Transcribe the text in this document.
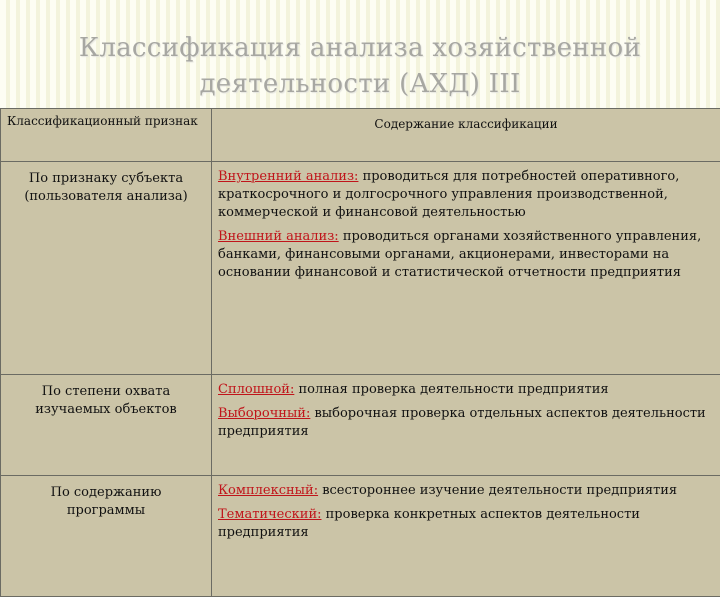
Классификация анализа хозяйственной
деятельности (АХД) III
Классификационный признак	Содержание классификации
По признаку субъекта (пользователя анализа)	Внутренний анализ: проводиться для потребностей оперативного, краткосрочного и долгосрочного управления производственной, коммерческой и финансовой деятельностью

Внешний анализ: проводиться органами хозяйственного управления, банками, финансовыми органами, акционерами, инвесторами на основании финансовой и статистической отчетности предприятия

По степени охвата изучаемых объектов	Сплошной: полная проверка деятельности предприятия

Выборочный: выборочная проверка отдельных аспектов деятельности предприятия

По содержанию программы	Комплексный: всестороннее изучение деятельности предприятия

Тематический: проверка конкретных аспектов деятельности предприятия
